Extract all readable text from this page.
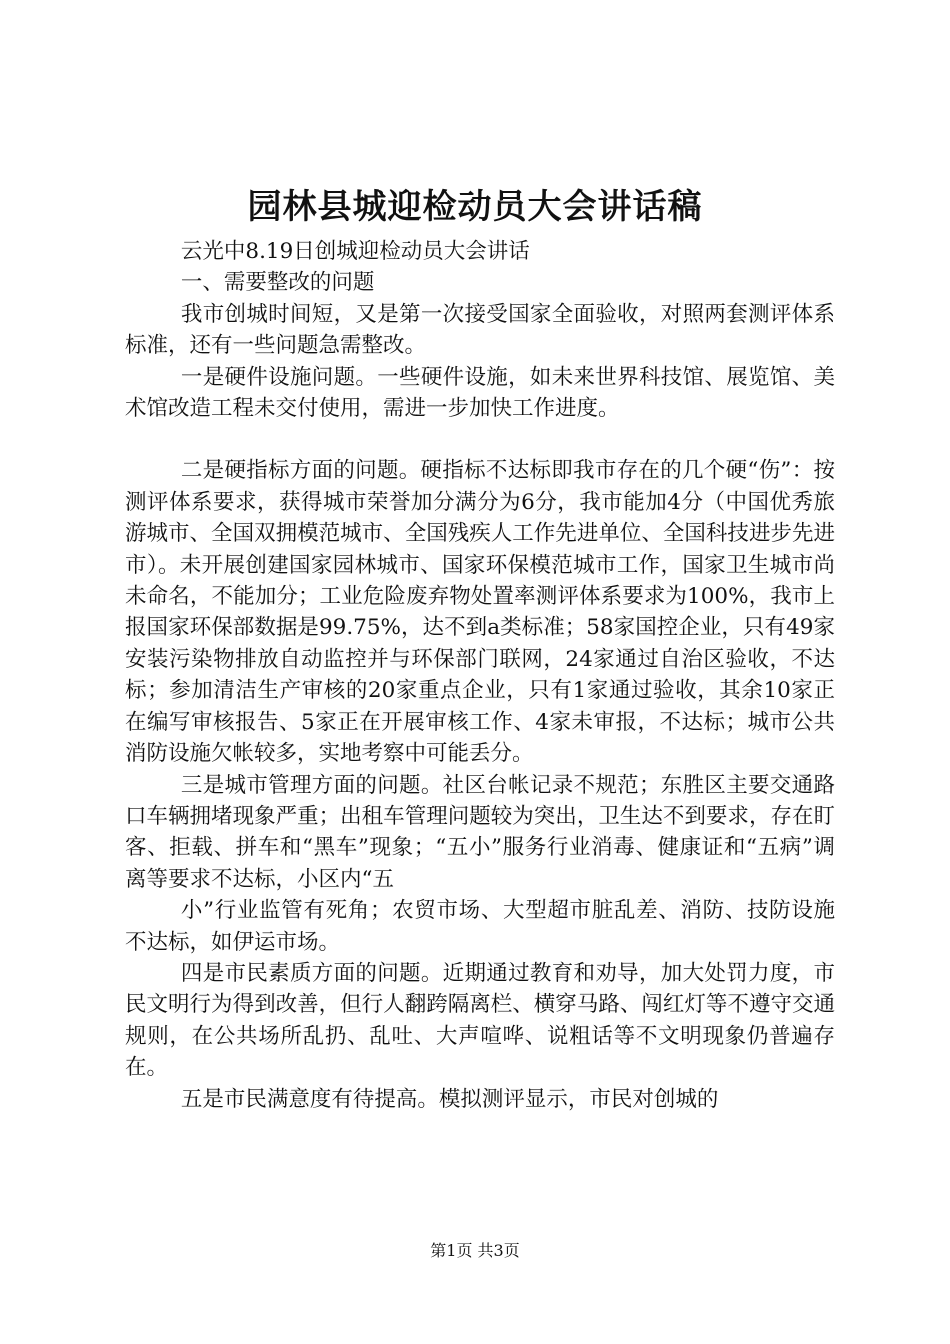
园林县城迎检动员大会讲话稿

云光中8.19日创城迎检动员大会讲话

一、需要整改的问题

我市创城时间短，又是第一次接受国家全面验收，对照两套测评体系标准，还有一些问题急需整改。

一是硬件设施问题。一些硬件设施，如未来世界科技馆、展览馆、美术馆改造工程未交付使用，需进一步加快工作进度。

二是硬指标方面的问题。硬指标不达标即我市存在的几个硬“伤”：按测评体系要求，获得城市荣誉加分满分为6分，我市能加4分（中国优秀旅游城市、全国双拥模范城市、全国残疾人工作先进单位、全国科技进步先进市）。未开展创建国家园林城市、国家环保模范城市工作，国家卫生城市尚未命名，不能加分；工业危险废弃物处置率测评体系要求为100%，我市上报国家环保部数据是99.75%，达不到a类标准；58家国控企业，只有49家安装污染物排放自动监控并与环保部门联网，24家通过自治区验收，不达标；参加清洁生产审核的20家重点企业，只有1家通过验收，其余10家正在编写审核报告、5家正在开展审核工作、4家未审报，不达标；城市公共消防设施欠帐较多，实地考察中可能丢分。

三是城市管理方面的问题。社区台帐记录不规范；东胜区主要交通路口车辆拥堵现象严重；出租车管理问题较为突出，卫生达不到要求，存在盯客、拒载、拼车和“黑车”现象；“五小”服务行业消毒、健康证和“五病”调离等要求不达标，小区内“五

小”行业监管有死角；农贸市场、大型超市脏乱差、消防、技防设施不达标，如伊运市场。

四是市民素质方面的问题。近期通过教育和劝导，加大处罚力度，市民文明行为得到改善，但行人翻跨隔离栏、横穿马路、闯红灯等不遵守交通规则，在公共场所乱扔、乱吐、大声喧哗、说粗话等不文明现象仍普遍存在。

五是市民满意度有待提高。模拟测评显示，市民对创城的

第1页 共3页
